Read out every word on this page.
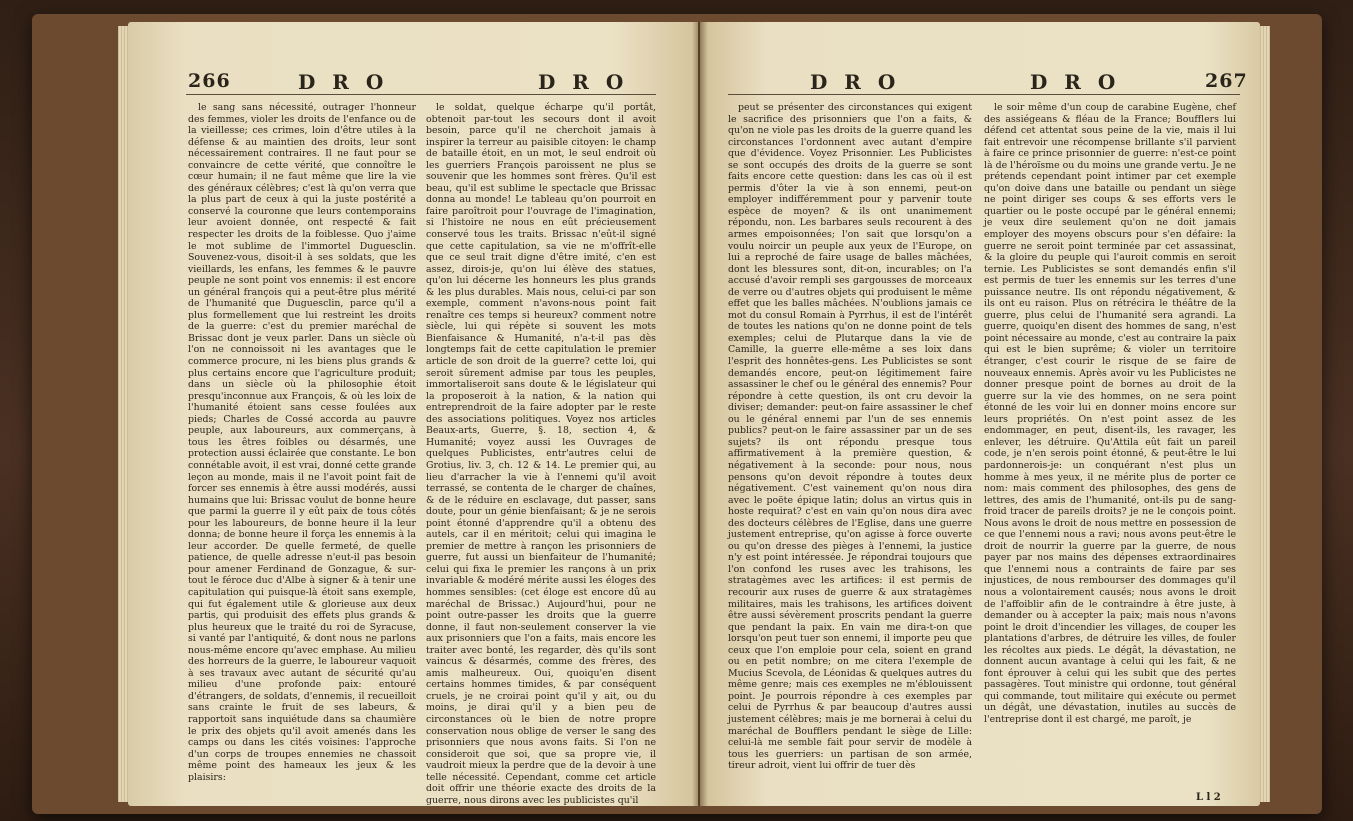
266	D R O	D R O

le sang sans nécessité, outrager l'honneur des femmes, violer les droits de l'enfance ou de la vieillesse; ces crimes, loin d'être utiles à la défense & au maintien des droits, leur sont nécessairement contraires. Il ne faut pour se convaincre de cette vérité, que connoître le cœur humain; il ne faut même que lire la vie des généraux célèbres; c'est là qu'on verra que la plus part de ceux à qui la juste postérité a conservé la couronne que leurs contemporains leur avoient donnée, ont respecté & fait respecter les droits de la foiblesse. Quo j'aime le mot sublime de l'immortel Duguesclin. Souvenez-vous, disoit-il à ses soldats, que les vieillards, les enfans, les femmes & le pauvre peuple ne sont point vos ennemis: il est encore un général françois qui a peut-être plus mérité de l'humanité que Duguesclin, parce qu'il a plus formellement que lui restreint les droits de la guerre: c'est du premier maréchal de Brissac dont je veux parler. Dans un siècle où l'on ne connoissoit ni les avantages que le commerce procure, ni les biens plus grands & plus certains encore que l'agriculture produit; dans un siècle où la philosophie étoit presqu'inconnue aux François, & où les loix de l'humanité étoient sans cesse foulées aux pieds; Charles de Cossé accorda au pauvre peuple, aux laboureurs, aux commerçans, à tous les êtres foibles ou désarmés, une protection aussi éclairée que constante. Le bon connétable avoit, il est vrai, donné cette grande leçon au monde, mais il ne l'avoit point fait de forcer ses ennemis à être aussi modérés, aussi humains que lui: Brissac voulut de bonne heure que parmi la guerre il y eût paix de tous côtés pour les laboureurs, de bonne heure il la leur donna; de bonne heure il força les ennemis à la leur accorder. De quelle fermeté, de quelle patience, de quelle adresse n'eut-il pas besoin pour amener Ferdinand de Gonzague, & sur-tout le féroce duc d'Albe à signer & à tenir une capitulation qui puisque-là étoit sans exemple, qui fut également utile & glorieuse aux deux partis, qui produisit des effets plus grands & plus heureux que le traité du roi de Syracuse, si vanté par l'antiquité, & dont nous ne parlons nous-même encore qu'avec emphase. Au milieu des horreurs de la guerre, le laboureur vaquoit à ses travaux avec autant de sécurité qu'au milieu d'une profonde paix: entouré d'étrangers, de soldats, d'ennemis, il recueilloit sans crainte le fruit de ses labeurs, & rapportoit sans inquiétude dans sa chaumière le prix des objets qu'il avoit amenés dans les camps ou dans les cités voisines: l'approche d'un corps de troupes ennemies ne chassoit même point des hameaux les jeux & les plaisirs:

le soldat, quelque écharpe qu'il portât, obtenoit par-tout les secours dont il avoit besoin, parce qu'il ne cherchoit jamais à inspirer la terreur au paisible citoyen: le champ de bataille étoit, en un mot, le seul endroit où les guerriers François paroissent ne plus se souvenir que les hommes sont frères. Qu'il est beau, qu'il est sublime le spectacle que Brissac donna au monde! Le tableau qu'on pourroit en faire paroîtroit pour l'ouvrage de l'imagination, si l'histoire ne nous en eût précieusement conservé tous les traits. Brissac n'eût-il signé que cette capitulation, sa vie ne m'offrît-elle que ce seul trait digne d'être imité, c'en est assez, dirois-je, qu'on lui élève des statues, qu'on lui décerne les honneurs les plus grands & les plus durables. Mais nous, celui-ci par son exemple, comment n'avons-nous point fait renaître ces temps si heureux? comment notre siècle, lui qui répète si souvent les mots Bienfaisance & Humanité, n'a-t-il pas dès longtemps fait de cette capitulation le premier article de son droit de la guerre? cette loi, qui seroit sûrement admise par tous les peuples, immortaliseroit sans doute & le législateur qui la proposeroit à la nation, & la nation qui entreprendroit de la faire adopter par le reste des associations politiques. Voyez nos articles Beaux-arts, Guerre, §. 18, section 4, & Humanité; voyez aussi les Ouvrages de quelques Publicistes, entr'autres celui de Grotius, liv. 3, ch. 12 & 14. Le premier qui, au lieu d'arracher la vie à l'ennemi qu'il avoit terrassé, se contenta de le charger de chaînes, & de le réduire en esclavage, dut passer, sans doute, pour un génie bienfaisant; & je ne serois point étonné d'apprendre qu'il a obtenu des autels, car il en méritoit; celui qui imagina le premier de mettre à rançon les prisonniers de guerre, fut aussi un bienfaiteur de l'humanité; celui qui fixa le premier les rançons à un prix invariable & modéré mérite aussi les éloges des hommes sensibles: (cet éloge est encore dû au maréchal de Brissac.) Aujourd'hui, pour ne point outre-passer les droits que la guerre donne, il faut non-seulement conserver la vie aux prisonniers que l'on a faits, mais encore les traiter avec bonté, les regarder, dès qu'ils sont vaincus & désarmés, comme des frères, des amis malheureux. Oui, quoiqu'en disent certains hommes timides, & par conséquent cruels, je ne croirai point qu'il y ait, ou du moins, je dirai qu'il y a bien peu de circonstances où le bien de notre propre conservation nous oblige de verser le sang des prisonniers que nous avons faits. Si l'on ne consideroit que soi, que sa propre vie, il vaudroit mieux la perdre que de la devoir à une telle nécessité. Cependant, comme cet article doit offrir une théorie exacte des droits de la guerre, nous dirons avec les publicistes qu'il

D R O	D R O	267

peut se présenter des circonstances qui exigent le sacrifice des prisonniers que l'on a faits, & qu'on ne viole pas les droits de la guerre quand les circonstances l'ordonnent avec autant d'empire que d'évidence. Voyez Prisonnier. Les Publicistes se sont occupés des droits de la guerre se sont faits encore cette question: dans les cas où il est permis d'ôter la vie à son ennemi, peut-on employer indifféremment pour y parvenir toute espèce de moyen? & ils ont unanimement répondu, non. Les barbares seuls recourent à des armes empoisonnées; l'on sait que lorsqu'on a voulu noircir un peuple aux yeux de l'Europe, on lui a reproché de faire usage de balles mâchées, dont les blessures sont, dit-on, incurables; on l'a accusé d'avoir rempli ses gargousses de morceaux de verre ou d'autres objets qui produisent le même effet que les balles mâchées. N'oublions jamais ce mot du consul Romain à Pyrrhus, il est de l'intérêt de toutes les nations qu'on ne donne point de tels exemples; celui de Plutarque dans la vie de Camille, la guerre elle-même a ses loix dans l'esprit des honnêtes-gens. Les Publicistes se sont demandés encore, peut-on légitimement faire assassiner le chef ou le général des ennemis? Pour répondre à cette question, ils ont cru devoir la diviser; demander: peut-on faire assassiner le chef ou le général ennemi par l'un de ses ennemis publics? peut-on le faire assassiner par un de ses sujets? ils ont répondu presque tous affirmativement à la première question, & négativement à la seconde: pour nous, nous pensons qu'on devoit répondre à toutes deux négativement. C'est vainement qu'on nous dira avec le poëte épique latin; dolus an virtus quis in hoste requirat? c'est en vain qu'on nous dira avec des docteurs célèbres de l'Eglise, dans une guerre justement entreprise, qu'on agisse à force ouverte ou qu'on dresse des pièges à l'ennemi, la justice n'y est point intéressée. Je répondrai toujours que l'on confond les ruses avec les trahisons, les stratagèmes avec les artifices: il est permis de recourir aux ruses de guerre & aux stratagèmes militaires, mais les trahisons, les artifices doivent être aussi sévèrement proscrits pendant la guerre que pendant la paix. En vain me dira-t-on que lorsqu'on peut tuer son ennemi, il importe peu que ceux que l'on emploie pour cela, soient en grand ou en petit nombre; on me citera l'exemple de Mucius Scevola, de Léonidas & quelques autres du même genre; mais ces exemples ne m'éblouissent point. Je pourrois répondre à ces exemples par celui de Pyrrhus & par beaucoup d'autres aussi justement célèbres; mais je me bornerai à celui du maréchal de Boufflers pendant le siège de Lille: celui-là me semble fait pour servir de modèle à tous les guerriers: un partisan de son armée, tireur adroit, vient lui offrir de tuer dès

le soir même d'un coup de carabine Eugène, chef des assiégeans & fléau de la France; Boufflers lui défend cet attentat sous peine de la vie, mais il lui fait entrevoir une récompense brillante s'il parvient à faire ce prince prisonnier de guerre: n'est-ce point là de l'héroïsme ou du moins une grande vertu. Je ne prétends cependant point intimer par cet exemple qu'on doive dans une bataille ou pendant un siège ne point diriger ses coups & ses efforts vers le quartier ou le poste occupé par le général ennemi; je veux dire seulement qu'on ne doit jamais employer des moyens obscurs pour s'en défaire: la guerre ne seroit point terminée par cet assassinat, & la gloire du peuple qui l'auroit commis en seroit ternie. Les Publicistes se sont demandés enfin s'il est permis de tuer les ennemis sur les terres d'une puissance neutre. Ils ont répondu négativement, & ils ont eu raison. Plus on rétrécira le théâtre de la guerre, plus celui de l'humanité sera agrandi. La guerre, quoiqu'en disent des hommes de sang, n'est point nécessaire au monde, c'est au contraire la paix qui est le bien suprême; & violer un territoire étranger, c'est courir le risque de se faire de nouveaux ennemis. Après avoir vu les Publicistes ne donner presque point de bornes au droit de la guerre sur la vie des hommes, on ne sera point étonné de les voir lui en donner moins encore sur leurs propriétés. On n'est point assez de les endommager, en peut, disent-ils, les ravager, les enlever, les détruire. Qu'Attila eût fait un pareil code, je n'en serois point étonné, & peut-être le lui pardonnerois-je: un conquérant n'est plus un homme à mes yeux, il ne mérite plus de porter ce nom: mais comment des philosophes, des gens de lettres, des amis de l'humanité, ont-ils pu de sang-froid tracer de pareils droits? je ne le conçois point. Nous avons le droit de nous mettre en possession de ce que l'ennemi nous a ravi; nous avons peut-être le droit de nourrir la guerre par la guerre, de nous payer par nos mains des dépenses extraordinaires que l'ennemi nous a contraints de faire par ses injustices, de nous rembourser des dommages qu'il nous a volontairement causés; nous avons le droit de l'affoiblir afin de le contraindre à être juste, à demander ou à accepter la paix; mais nous n'avons point le droit d'incendier les villages, de couper les plantations d'arbres, de détruire les villes, de fouler les récoltes aux pieds. Le dégât, la dévastation, ne donnent aucun avantage à celui qui les fait, & ne font éprouver à celui qui les subit que des pertes passagères. Tout ministre qui ordonne, tout général qui commande, tout militaire qui exécute ou permet un dégât, une dévastation, inutiles au succès de l'entreprise dont il est chargé, me paroît, je

L l 2
